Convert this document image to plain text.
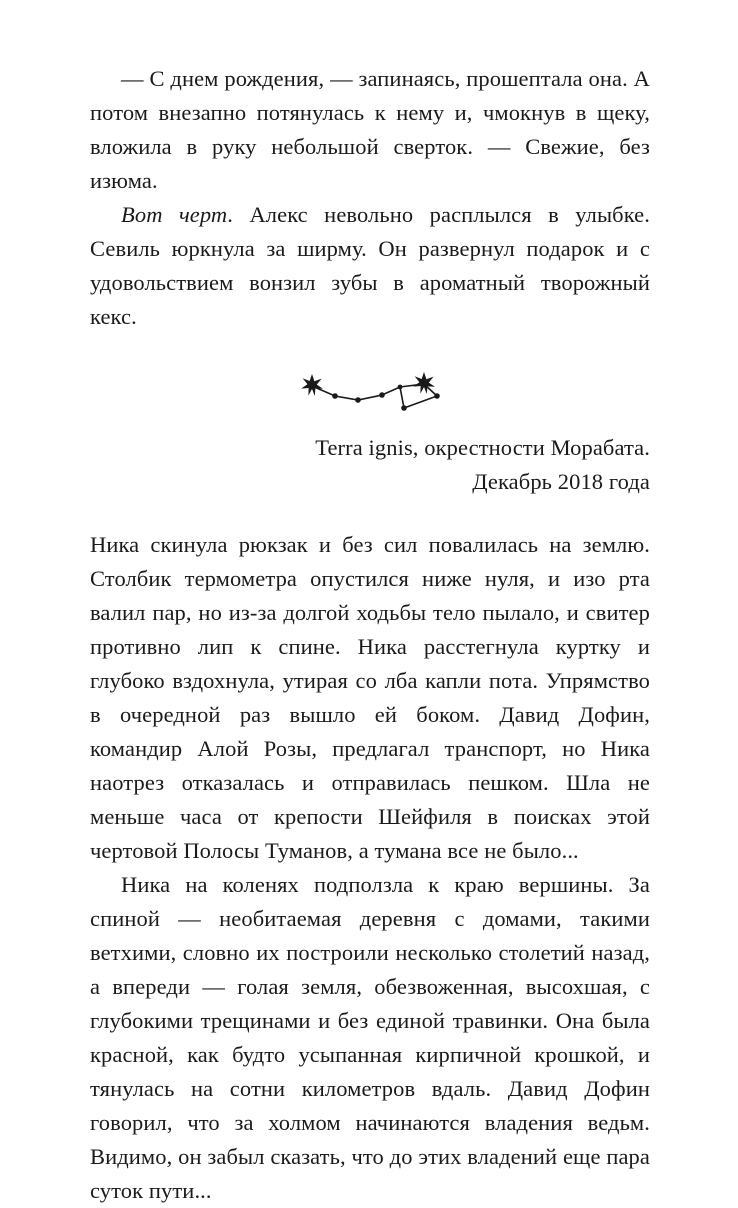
— С днем рождения, — запинаясь, прошептала она. А потом внезапно потянулась к нему и, чмокнув в щеку, вложила в руку небольшой сверток. — Свежие, без изюма.

Вот черт. Алекс невольно расплылся в улыбке. Севиль юркнула за ширму. Он развернул подарок и с удовольствием вонзил зубы в ароматный творожный кекс.

Terra ignis, окрестности Морабата.
Декабрь 2018 года

Ника скинула рюкзак и без сил повалилась на землю. Столбик термометра опустился ниже нуля, и изо рта валил пар, но из-за долгой ходьбы тело пылало, и свитер противно лип к спине. Ника расстегнула куртку и глубоко вздохнула, утирая со лба капли пота. Упрямство в очередной раз вышло ей боком. Давид Дофин, командир Алой Розы, предлагал транспорт, но Ника наотрез отказалась и отправилась пешком. Шла не меньше часа от крепости Шейфиля в поисках этой чертовой Полосы Туманов, а тумана все не было...

Ника на коленях подползла к краю вершины. За спиной — необитаемая деревня с домами, такими ветхими, словно их построили несколько столетий назад, а впереди — голая земля, обезвоженная, высохшая, с глубокими трещинами и без единой травинки. Она была красной, как будто усыпанная кирпичной крошкой, и тянулась на сотни километров вдаль. Давид Дофин говорил, что за холмом начинаются владения ведьм. Видимо, он забыл сказать, что до этих владений еще пара суток пути...
